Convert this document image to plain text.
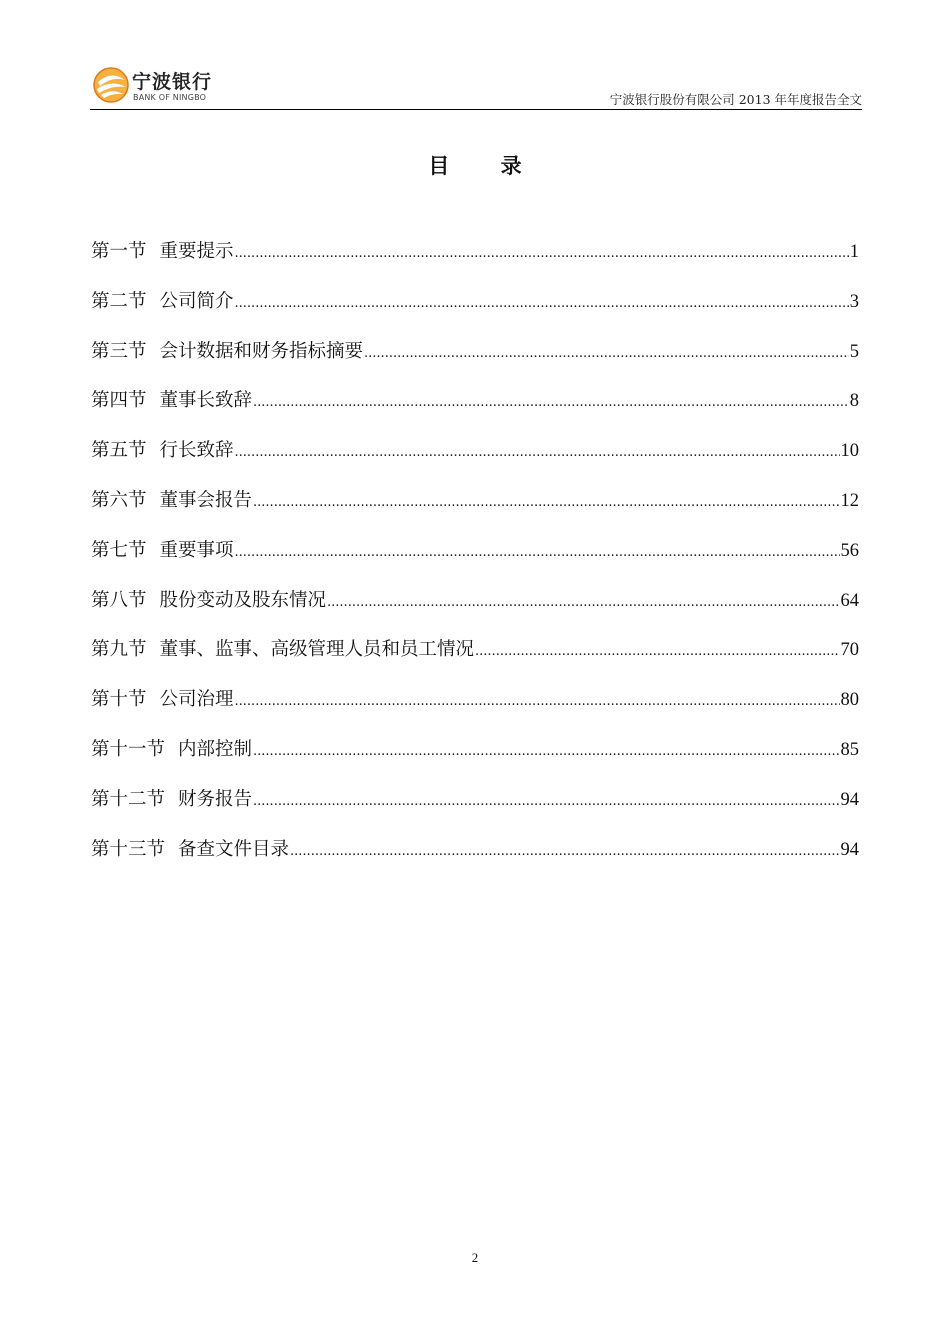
宁波银行
BANK OF NINGBO	宁波银行股份有限公司 2013 年年度报告全文
目 录
第一节 重要提示 .....	1
第二节 公司简介 .....	3
第三节 会计数据和财务指标摘要 .....	5
第四节 董事长致辞 .....	8
第五节 行长致辞 .....	10
第六节 董事会报告 .....	12
第七节 重要事项 .....	56
第八节 股份变动及股东情况 .....	64
第九节 董事、监事、高级管理人员和员工情况 .....	70
第十节 公司治理 .....	80
第十一节 内部控制 .....	85
第十二节 财务报告 .....	94
第十三节 备查文件目录 .....	94
2
